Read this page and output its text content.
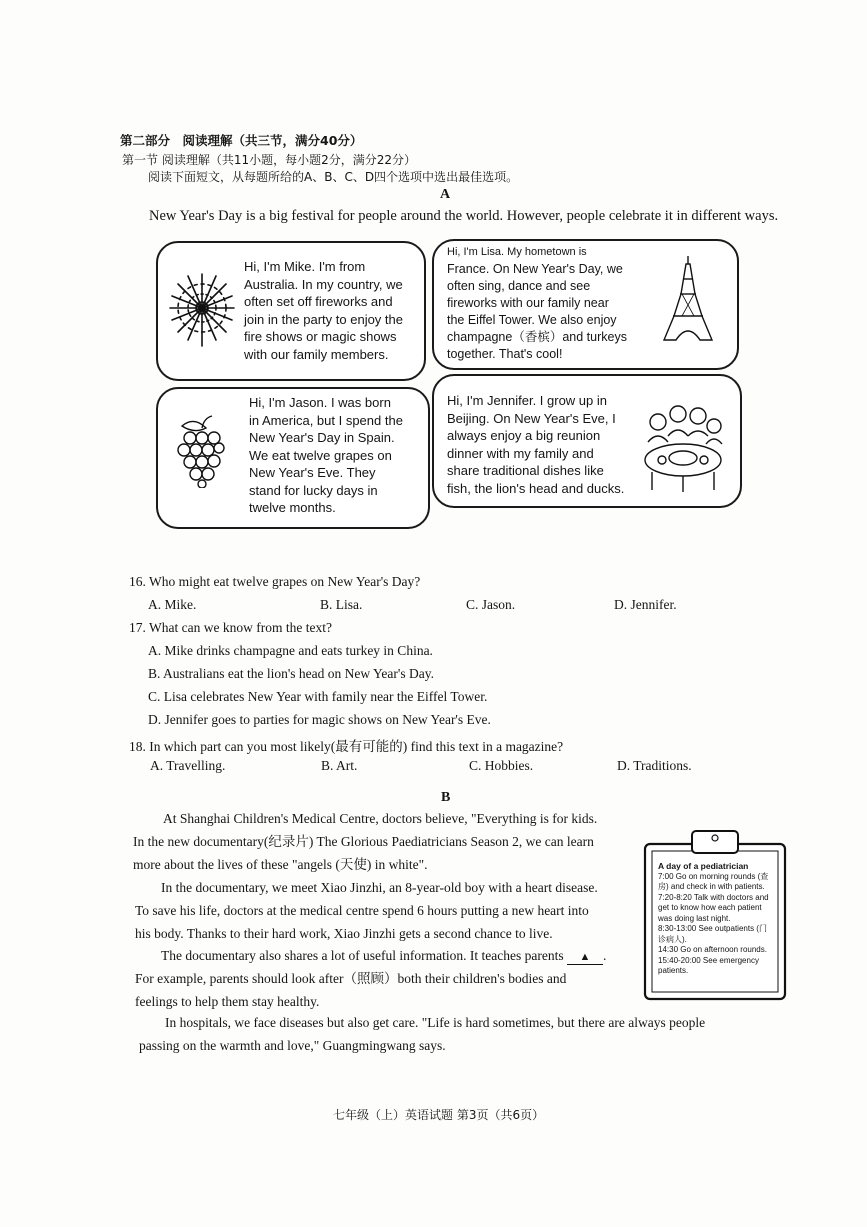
第二部分　阅读理解（共三节，满分40分）
第一节 阅读理解（共11小题，每小题2分，满分22分）
阅读下面短文，从每题所给的A、B、C、D四个选项中选出最佳选项。
A
New Year's Day is a big festival for people around the world. However, people celebrate it in different ways.
Hi, I'm Mike. I'm from
Australia. In my country, we
often set off fireworks and
join in the party to enjoy the
fire shows or magic shows
with our family members.
Hi, I'm Lisa. My hometown is
France. On New Year's Day, we
often sing, dance and see
fireworks with our family near
the Eiffel Tower. We also enjoy
champagne（香槟）and turkeys
together. That's cool!
Hi, I'm Jason. I was born
in America, but I spend the
New Year's Day in Spain.
We eat twelve grapes on
New Year's Eve. They
stand for lucky days in
twelve months.
Hi, I'm Jennifer. I grow up in
Beijing. On New Year's Eve, I
always enjoy a big reunion
dinner with my family and
share traditional dishes like
fish, the lion's head and ducks.
16. Who might eat twelve grapes on New Year's Day?
A. Mike.	B. Lisa.	C. Jason.	D. Jennifer.
17. What can we know from the text?
A. Mike drinks champagne and eats turkey in China.
B. Australians eat the lion's head on New Year's Day.
C. Lisa celebrates New Year with family near the Eiffel Tower.
D. Jennifer goes to parties for magic shows on New Year's Eve.
18. In which part can you most likely(最有可能的) find this text in a magazine?
A. Travelling.	B. Art.	C. Hobbies.	D. Traditions.
B
At Shanghai Children's Medical Centre, doctors believe, "Everything is for kids.
In the new documentary(纪录片) The Glorious Paediatricians Season 2, we can learn
more about the lives of these "angels (天使) in white".
In the documentary, we meet Xiao Jinzhi, an 8-year-old boy with a heart disease.
To save his life, doctors at the medical centre spend 6 hours putting a new heart into
his body. Thanks to their hard work, Xiao Jinzhi gets a second chance to live.
The documentary also shares a lot of useful information. It teaches parents ▲ .
For example, parents should look after（照顾）both their children's bodies and
feelings to help them stay healthy.
In hospitals, we face diseases but also get care. "Life is hard sometimes, but there are always people
passing on the warmth and love," Guangmingwang says.
A day of a pediatrician
7:00 Go on morning rounds (查
房) and check in with patients.
7:20-8:20 Talk with doctors and
get to know how each patient
was doing last night.
8:30-13:00 See outpatients (门
诊病人).
14:30 Go on afternoon rounds.
15:40-20:00 See emergency
patients.
七年级（上）英语试题 第3页（共6页）
